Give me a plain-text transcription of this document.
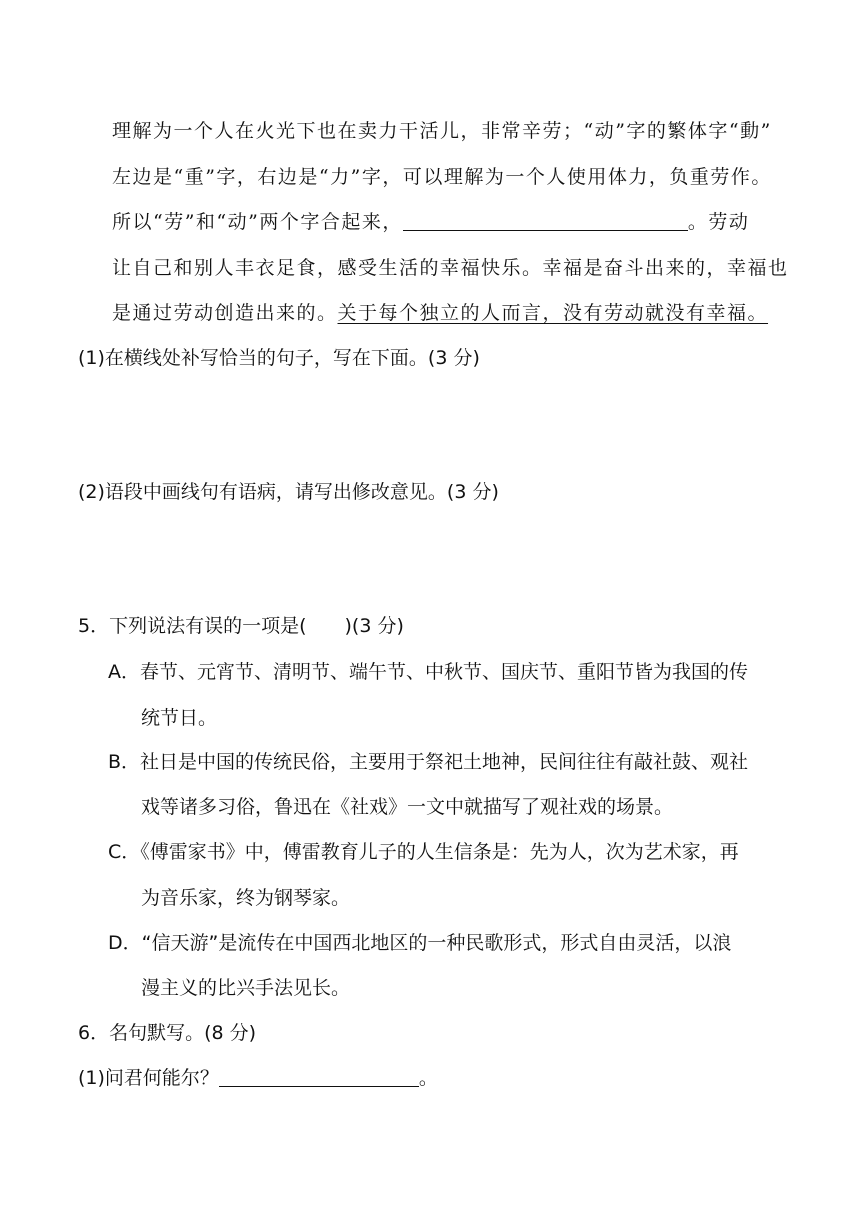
理解为一个人在火光下也在卖力干活儿，非常辛劳；“动”字的繁体字“動”
左边是“重”字，右边是“力”字，可以理解为一个人使用体力，负重劳作。
所以“劳”和“动”两个字合起来，	。劳动
让自己和别人丰衣足食，感受生活的幸福快乐。幸福是奋斗出来的，幸福也
是通过劳动创造出来的。关于每个独立的人而言，没有劳动就没有幸福。
(1)在横线处补写恰当的句子，写在下面。(3 分)
(2)语段中画线句有语病，请写出修改意见。(3 分)
5．下列说法有误的一项是(　　)(3 分)
A．春节、元宵节、清明节、端午节、中秋节、国庆节、重阳节皆为我国的传
统节日。
B．社日是中国的传统民俗，主要用于祭祀土地神，民间往往有敲社鼓、观社
戏等诸多习俗，鲁迅在《社戏》一文中就描写了观社戏的场景。
C．《傅雷家书》中，傅雷教育儿子的人生信条是：先为人，次为艺术家，再
为音乐家，终为钢琴家。
D．“信天游”是流传在中国西北地区的一种民歌形式，形式自由灵活，以浪
漫主义的比兴手法见长。
6．名句默写。(8 分)
(1)问君何能尔？	。
